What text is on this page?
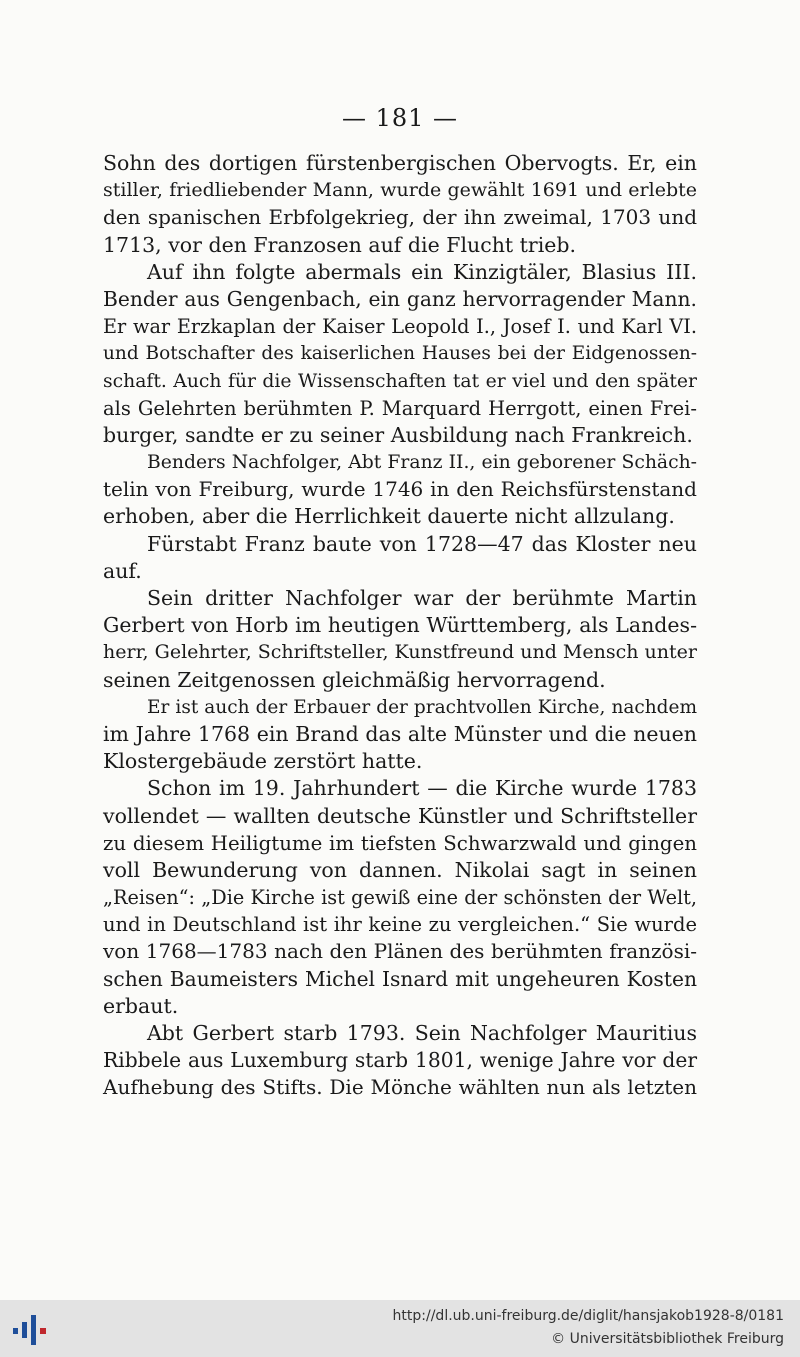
— 181 —
Sohn des dortigen fürstenbergischen Obervogts. Er, ein
stiller, friedliebender Mann, wurde gewählt 1691 und erlebte
den spanischen Erbfolgekrieg, der ihn zweimal, 1703 und
1713, vor den Franzosen auf die Flucht trieb.
Auf ihn folgte abermals ein Kinzigtäler, Blasius III.
Bender aus Gengenbach, ein ganz hervorragender Mann.
Er war Erzkaplan der Kaiser Leopold I., Josef I. und Karl VI.
und Botschafter des kaiserlichen Hauses bei der Eidgenossen-
schaft. Auch für die Wissenschaften tat er viel und den später
als Gelehrten berühmten P. Marquard Herrgott, einen Frei-
burger, sandte er zu seiner Ausbildung nach Frankreich.
Benders Nachfolger, Abt Franz II., ein geborener Schäch-
telin von Freiburg, wurde 1746 in den Reichsfürstenstand
erhoben, aber die Herrlichkeit dauerte nicht allzulang.
Fürstabt Franz baute von 1728—47 das Kloster neu
auf.
Sein dritter Nachfolger war der berühmte Martin
Gerbert von Horb im heutigen Württemberg, als Landes-
herr, Gelehrter, Schriftsteller, Kunstfreund und Mensch unter
seinen Zeitgenossen gleichmäßig hervorragend.
Er ist auch der Erbauer der prachtvollen Kirche, nachdem
im Jahre 1768 ein Brand das alte Münster und die neuen
Klostergebäude zerstört hatte.
Schon im 19. Jahrhundert — die Kirche wurde 1783
vollendet — wallten deutsche Künstler und Schriftsteller
zu diesem Heiligtume im tiefsten Schwarzwald und gingen
voll Bewunderung von dannen. Nikolai sagt in seinen
„Reisen“: „Die Kirche ist gewiß eine der schönsten der Welt,
und in Deutschland ist ihr keine zu vergleichen.“ Sie wurde
von 1768—1783 nach den Plänen des berühmten französi-
schen Baumeisters Michel Isnard mit ungeheuren Kosten
erbaut.
Abt Gerbert starb 1793. Sein Nachfolger Mauritius
Ribbele aus Luxemburg starb 1801, wenige Jahre vor der
Aufhebung des Stifts. Die Mönche wählten nun als letzten
http://dl.ub.uni-freiburg.de/diglit/hansjakob1928-8/0181
© Universitätsbibliothek Freiburg
